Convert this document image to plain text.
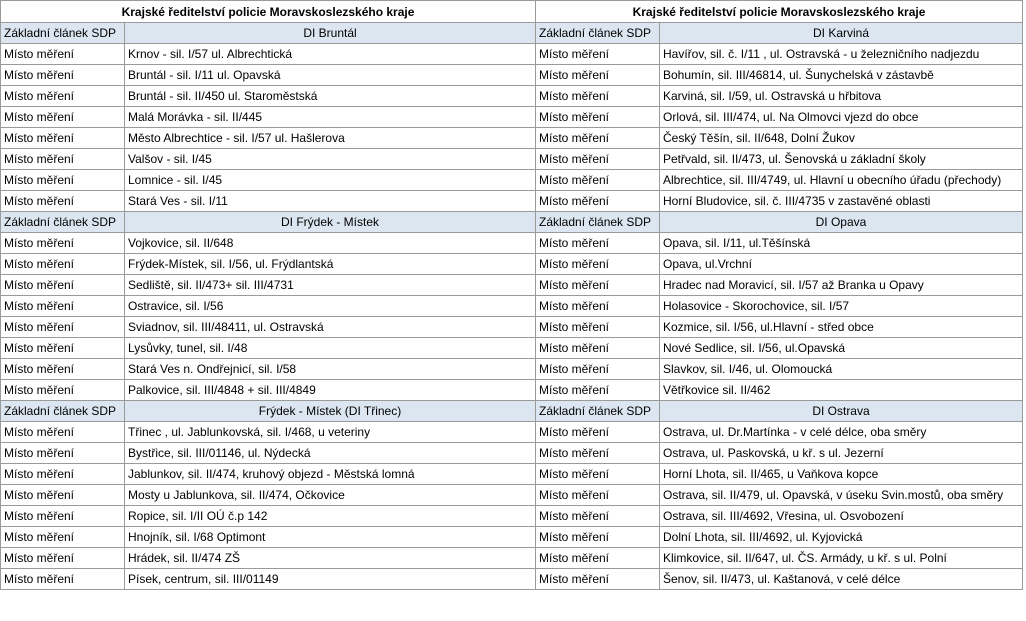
Krajské ředitelství policie Moravskoslezského kraje		Krajské ředitelství policie Moravskoslezského kraje	
Základní článek SDP	DI Bruntál	Základní článek SDP	DI Karviná
Místo měření	Krnov - sil. I/57 ul. Albrechtická	Místo měření	Havířov, sil. č. I/11 , ul. Ostravská - u železničního nadjezdu
Místo měření	Bruntál - sil. I/11 ul. Opavská	Místo měření	Bohumín, sil. III/46814, ul. Šunychelská v zástavbě
Místo měření	Bruntál - sil. II/450 ul. Staroměstská	Místo měření	Karviná, sil. I/59, ul. Ostravská u hřbitova
Místo měření	Malá Morávka - sil. II/445	Místo měření	Orlová, sil. III/474, ul. Na Olmovci vjezd do obce
Místo měření	Město Albrechtice - sil. I/57 ul. Hašlerova	Místo měření	Český Těšín, sil. II/648, Dolní Žukov
Místo měření	Valšov - sil. I/45	Místo měření	Petřvald, sil. II/473, ul. Šenovská u základní školy
Místo měření	Lomnice - sil. I/45	Místo měření	Albrechtice, sil. III/4749, ul. Hlavní u obecního úřadu (přechody)
Místo měření	Stará Ves - sil. I/11	Místo měření	Horní Bludovice, sil. č. III/4735 v zastavěné oblasti
Základní článek SDP	DI Frýdek - Místek	Základní článek SDP	DI Opava
Místo měření	Vojkovice, sil. II/648	Místo měření	Opava, sil. I/11, ul.Těšínská
Místo měření	Frýdek-Místek, sil. I/56, ul. Frýdlantská	Místo měření	Opava, ul.Vrchní
Místo měření	Sedliště, sil. II/473+ sil. III/4731	Místo měření	Hradec nad Moravicí, sil. I/57 až Branka u Opavy
Místo měření	Ostravice, sil. I/56	Místo měření	Holasovice - Skorochovice, sil. I/57
Místo měření	Sviadnov, sil. III/48411, ul. Ostravská	Místo měření	Kozmice, sil. I/56, ul.Hlavní - střed obce
Místo měření	Lysůvky, tunel, sil. I/48	Místo měření	Nové Sedlice, sil. I/56, ul.Opavská
Místo měření	Stará Ves n. Ondřejnicí, sil. I/58	Místo měření	Slavkov, sil. I/46, ul. Olomoucká
Místo měření	Palkovice, sil. III/4848 + sil. III/4849	Místo měření	Větřkovice sil. II/462
Základní článek SDP	Frýdek - Místek (DI Třinec)	Základní článek SDP	DI Ostrava
Místo měření	Třinec , ul. Jablunkovská, sil. I/468, u veteriny	Místo měření	Ostrava, ul. Dr.Martínka - v celé délce, oba směry
Místo měření	Bystřice, sil. III/01146, ul. Nýdecká	Místo měření	Ostrava, ul. Paskovská, u kř. s ul. Jezerní
Místo měření	Jablunkov, sil. II/474, kruhový objezd - Městská lomná	Místo měření	Horní Lhota, sil. II/465, u Vaňkova kopce
Místo měření	Mosty u Jablunkova, sil. II/474, Očkovice	Místo měření	Ostrava, sil. II/479, ul. Opavská, v úseku Svin.mostů, oba směry
Místo měření	Ropice, sil. I/II OÚ č.p 142	Místo měření	Ostrava, sil. III/4692, Vřesina, ul. Osvobození
Místo měření	Hnojník, sil. I/68 Optimont	Místo měření	Dolní Lhota, sil. III/4692, ul. Kyjovická
Místo měření	Hrádek, sil. II/474 ZŠ	Místo měření	Klimkovice, sil. II/647, ul. ČS. Armády, u kř. s ul. Polní
Místo měření	Písek, centrum, sil. III/01149	Místo měření	Šenov, sil. II/473, ul. Kaštanová, v celé délce
